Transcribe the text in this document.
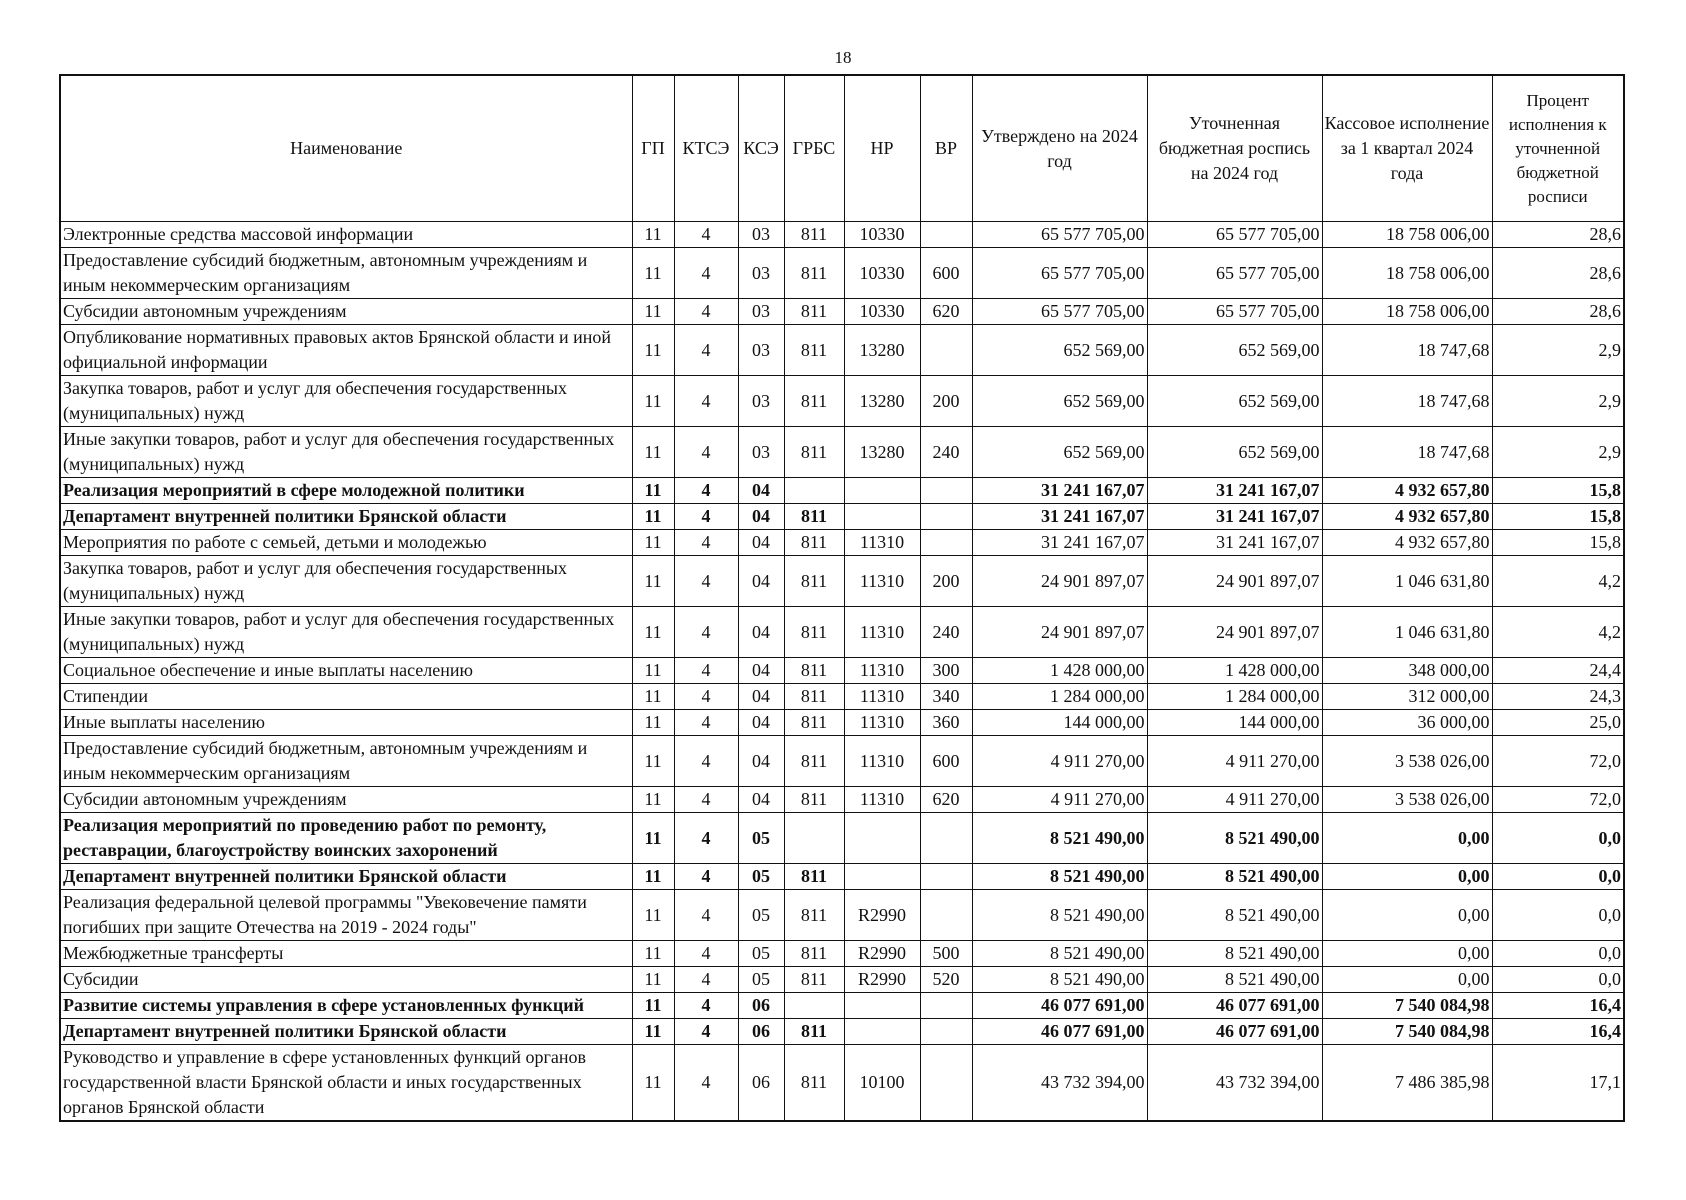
18
Наименование	ГП	КТСЭ	КСЭ	ГРБС	НР	ВР	Утверждено на 2024 год	Уточненная бюджетная роспись на 2024 год	Кассовое исполнение за 1 квартал 2024 года	Процент исполнения к уточненной бюджетной росписи
Электронные средства массовой информации	11	4	03	811	10330		65 577 705,00	65 577 705,00	18 758 006,00	28,6
Предоставление субсидий бюджетным, автономным учреждениям и иным некоммерческим организациям	11	4	03	811	10330	600	65 577 705,00	65 577 705,00	18 758 006,00	28,6
Субсидии автономным учреждениям	11	4	03	811	10330	620	65 577 705,00	65 577 705,00	18 758 006,00	28,6
Опубликование нормативных правовых актов Брянской области и иной официальной информации	11	4	03	811	13280		652 569,00	652 569,00	18 747,68	2,9
Закупка товаров, работ и услуг для обеспечения государственных (муниципальных) нужд	11	4	03	811	13280	200	652 569,00	652 569,00	18 747,68	2,9
Иные закупки товаров, работ и услуг для обеспечения государственных (муниципальных) нужд	11	4	03	811	13280	240	652 569,00	652 569,00	18 747,68	2,9
Реализация мероприятий в сфере молодежной политики	11	4	04				31 241 167,07	31 241 167,07	4 932 657,80	15,8
Департамент внутренней политики Брянской области	11	4	04	811			31 241 167,07	31 241 167,07	4 932 657,80	15,8
Мероприятия по работе с семьей, детьми и молодежью	11	4	04	811	11310		31 241 167,07	31 241 167,07	4 932 657,80	15,8
Закупка товаров, работ и услуг для обеспечения государственных (муниципальных) нужд	11	4	04	811	11310	200	24 901 897,07	24 901 897,07	1 046 631,80	4,2
Иные закупки товаров, работ и услуг для обеспечения государственных (муниципальных) нужд	11	4	04	811	11310	240	24 901 897,07	24 901 897,07	1 046 631,80	4,2
Социальное обеспечение и иные выплаты населению	11	4	04	811	11310	300	1 428 000,00	1 428 000,00	348 000,00	24,4
Стипендии	11	4	04	811	11310	340	1 284 000,00	1 284 000,00	312 000,00	24,3
Иные выплаты населению	11	4	04	811	11310	360	144 000,00	144 000,00	36 000,00	25,0
Предоставление субсидий бюджетным, автономным учреждениям и иным некоммерческим организациям	11	4	04	811	11310	600	4 911 270,00	4 911 270,00	3 538 026,00	72,0
Субсидии автономным учреждениям	11	4	04	811	11310	620	4 911 270,00	4 911 270,00	3 538 026,00	72,0
Реализация мероприятий по проведению работ по ремонту, реставрации, благоустройству воинских захоронений	11	4	05				8 521 490,00	8 521 490,00	0,00	0,0
Департамент внутренней политики Брянской области	11	4	05	811			8 521 490,00	8 521 490,00	0,00	0,0
Реализация федеральной целевой программы "Увековечение памяти погибших при защите Отечества на 2019 - 2024 годы"	11	4	05	811	R2990		8 521 490,00	8 521 490,00	0,00	0,0
Межбюджетные трансферты	11	4	05	811	R2990	500	8 521 490,00	8 521 490,00	0,00	0,0
Субсидии	11	4	05	811	R2990	520	8 521 490,00	8 521 490,00	0,00	0,0
Развитие системы управления в сфере установленных функций	11	4	06				46 077 691,00	46 077 691,00	7 540 084,98	16,4
Департамент внутренней политики Брянской области	11	4	06	811			46 077 691,00	46 077 691,00	7 540 084,98	16,4
Руководство и управление в сфере установленных функций органов государственной власти Брянской области и иных государственных органов Брянской области	11	4	06	811	10100		43 732 394,00	43 732 394,00	7 486 385,98	17,1
